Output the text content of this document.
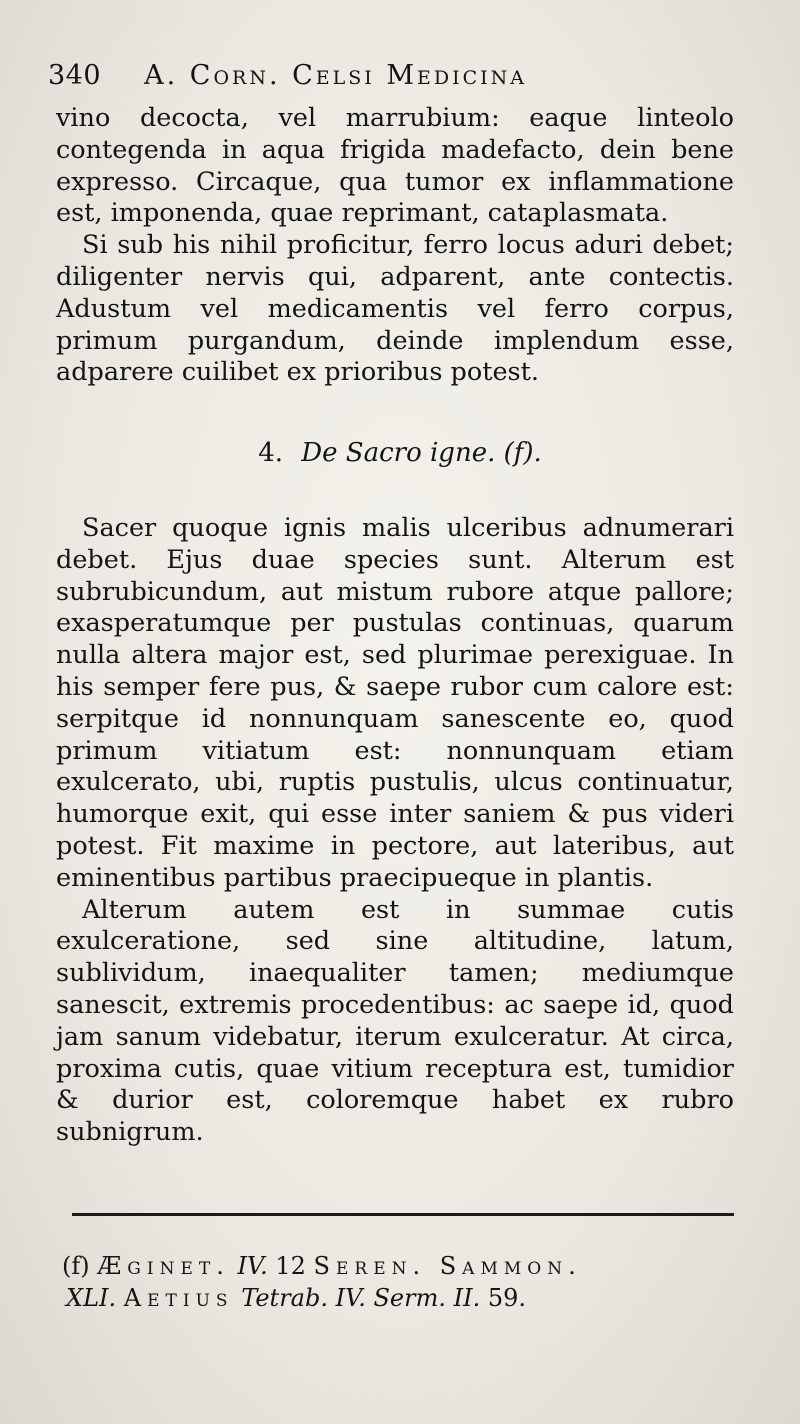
340 A. Corn. Celsi Medicina

vino decocta, vel marrubium: eaque linteolo contegenda in aqua frigida madefacto, dein bene expresso. Circaque, qua tumor ex inflammatione est, imponenda, quae reprimant, cataplasmata.

Si sub his nihil proficitur, ferro locus aduri debet; diligenter nervis qui, adparent, ante contectis. Adustum vel medicamentis vel ferro corpus, primum purgandum, deinde implendum esse, adparere cuilibet ex prioribus potest.

4. De Sacro igne. (f).

Sacer quoque ignis malis ulceribus adnumerari debet. Ejus duae species sunt. Alterum est subrubicundum, aut mistum rubore atque pallore; exasperatumque per pustulas continuas, quarum nulla altera major est, sed plurimae perexiguae. In his semper fere pus, & saepe rubor cum calore est: serpitque id nonnunquam sanescente eo, quod primum vitiatum est: nonnunquam etiam exulcerato, ubi, ruptis pustulis, ulcus continuatur, humorque exit, qui esse inter saniem & pus videri potest. Fit maxime in pectore, aut lateribus, aut eminentibus partibus praecipueque in plantis.

Alterum autem est in summae cutis exulceratione, sed sine altitudine, latum, sublividum, inaequaliter tamen; mediumque sanescit, extremis procedentibus: ac saepe id, quod jam sanum videbatur, iterum exulceratur. At circa, proxima cutis, quae vitium receptura est, tumidior & durior est, coloremque habet ex rubro subnigrum.

(f) Æginet. IV. 12 Seren. Sammon.
XLI. Aetius Tetrab. IV. Serm. II. 59.
